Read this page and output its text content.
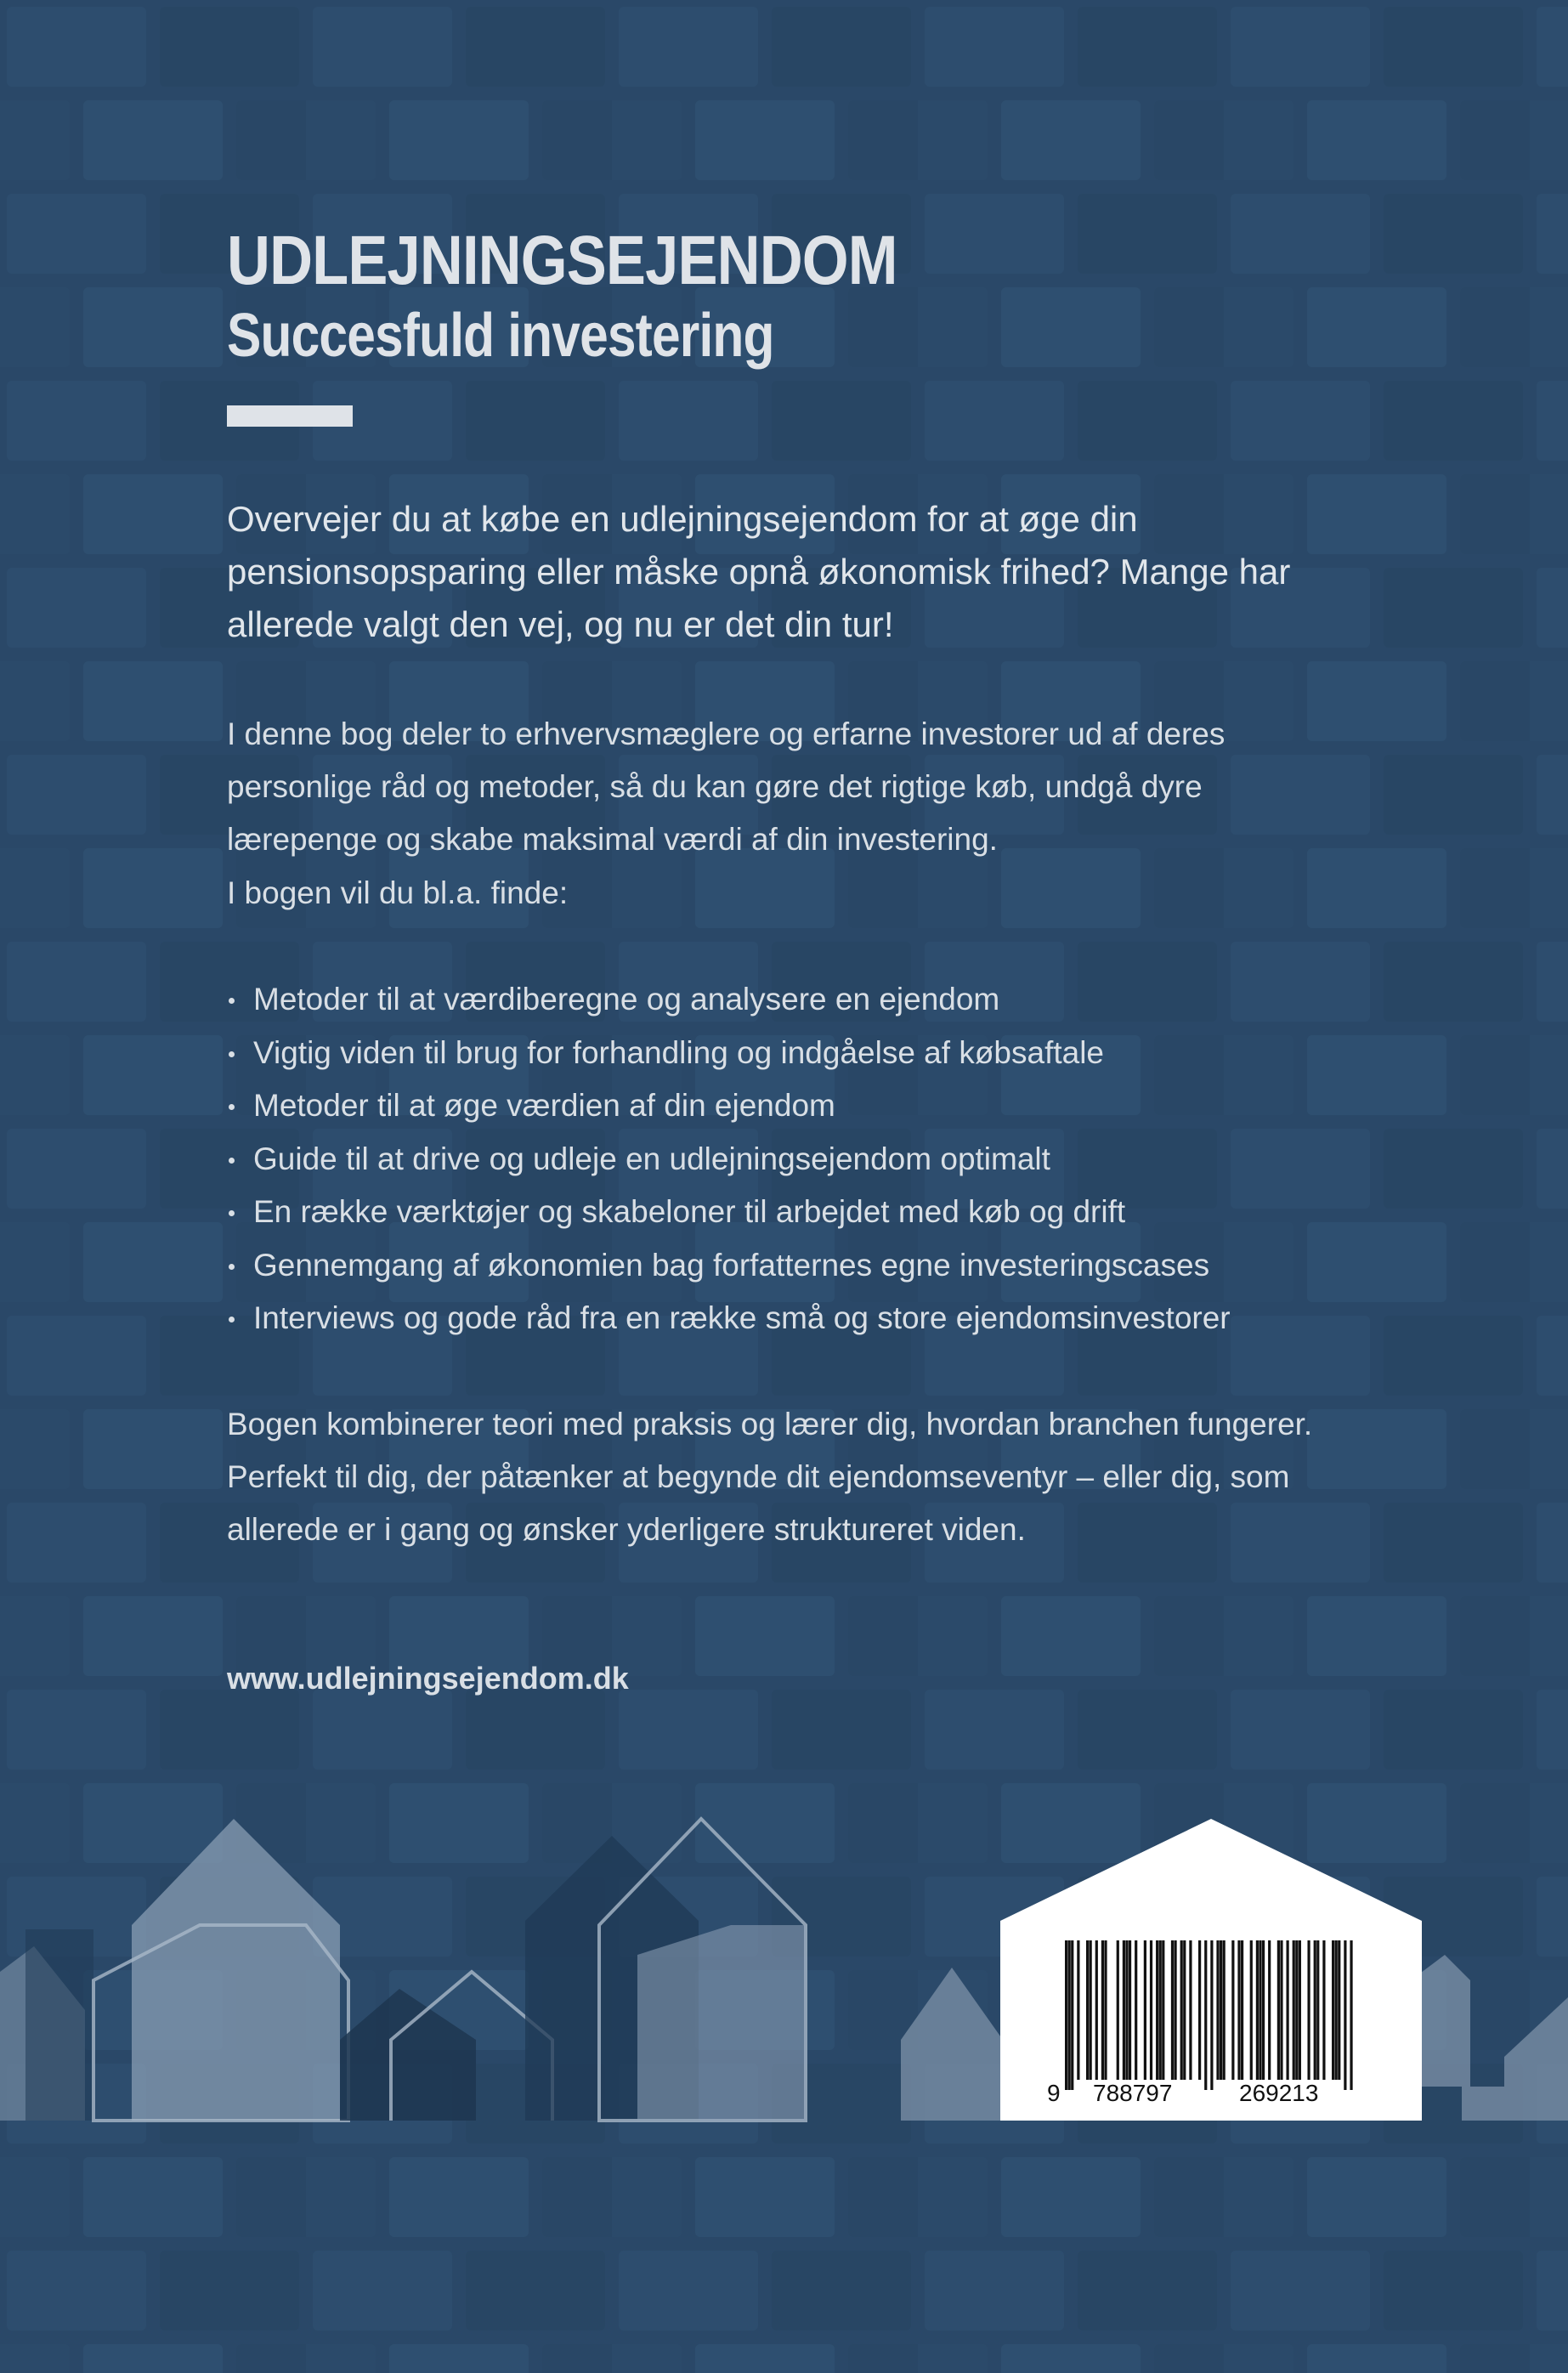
UDLEJNINGSEJENDOM
Succesfuld investering

Overvejer du at købe en udlejningsejendom for at øge din pensionsopsparing eller måske opnå økonomisk frihed? Mange har allerede valgt den vej, og nu er det din tur!

I denne bog deler to erhvervsmæglere og erfarne investorer ud af deres personlige råd og metoder, så du kan gøre det rigtige køb, undgå dyre lærepenge og skabe maksimal værdi af din investering.

I bogen vil du bl.a. finde:

Metoder til at værdiberegne og analysere en ejendom
Vigtig viden til brug for forhandling og indgåelse af købsaftale
Metoder til at øge værdien af din ejendom
Guide til at drive og udleje en udlejningsejendom optimalt
En række værktøjer og skabeloner til arbejdet med køb og drift
Gennemgang af økonomien bag forfatternes egne investeringscases
Interviews og gode råd fra en række små og store ejendomsinvestorer

Bogen kombinerer teori med praksis og lærer dig, hvordan branchen fungerer. Perfekt til dig, der påtænker at begynde dit ejendomseventyr – eller dig, som allerede er i gang og ønsker yderligere struktureret viden.

www.udlejningsejendom.dk

9 788797	269213
